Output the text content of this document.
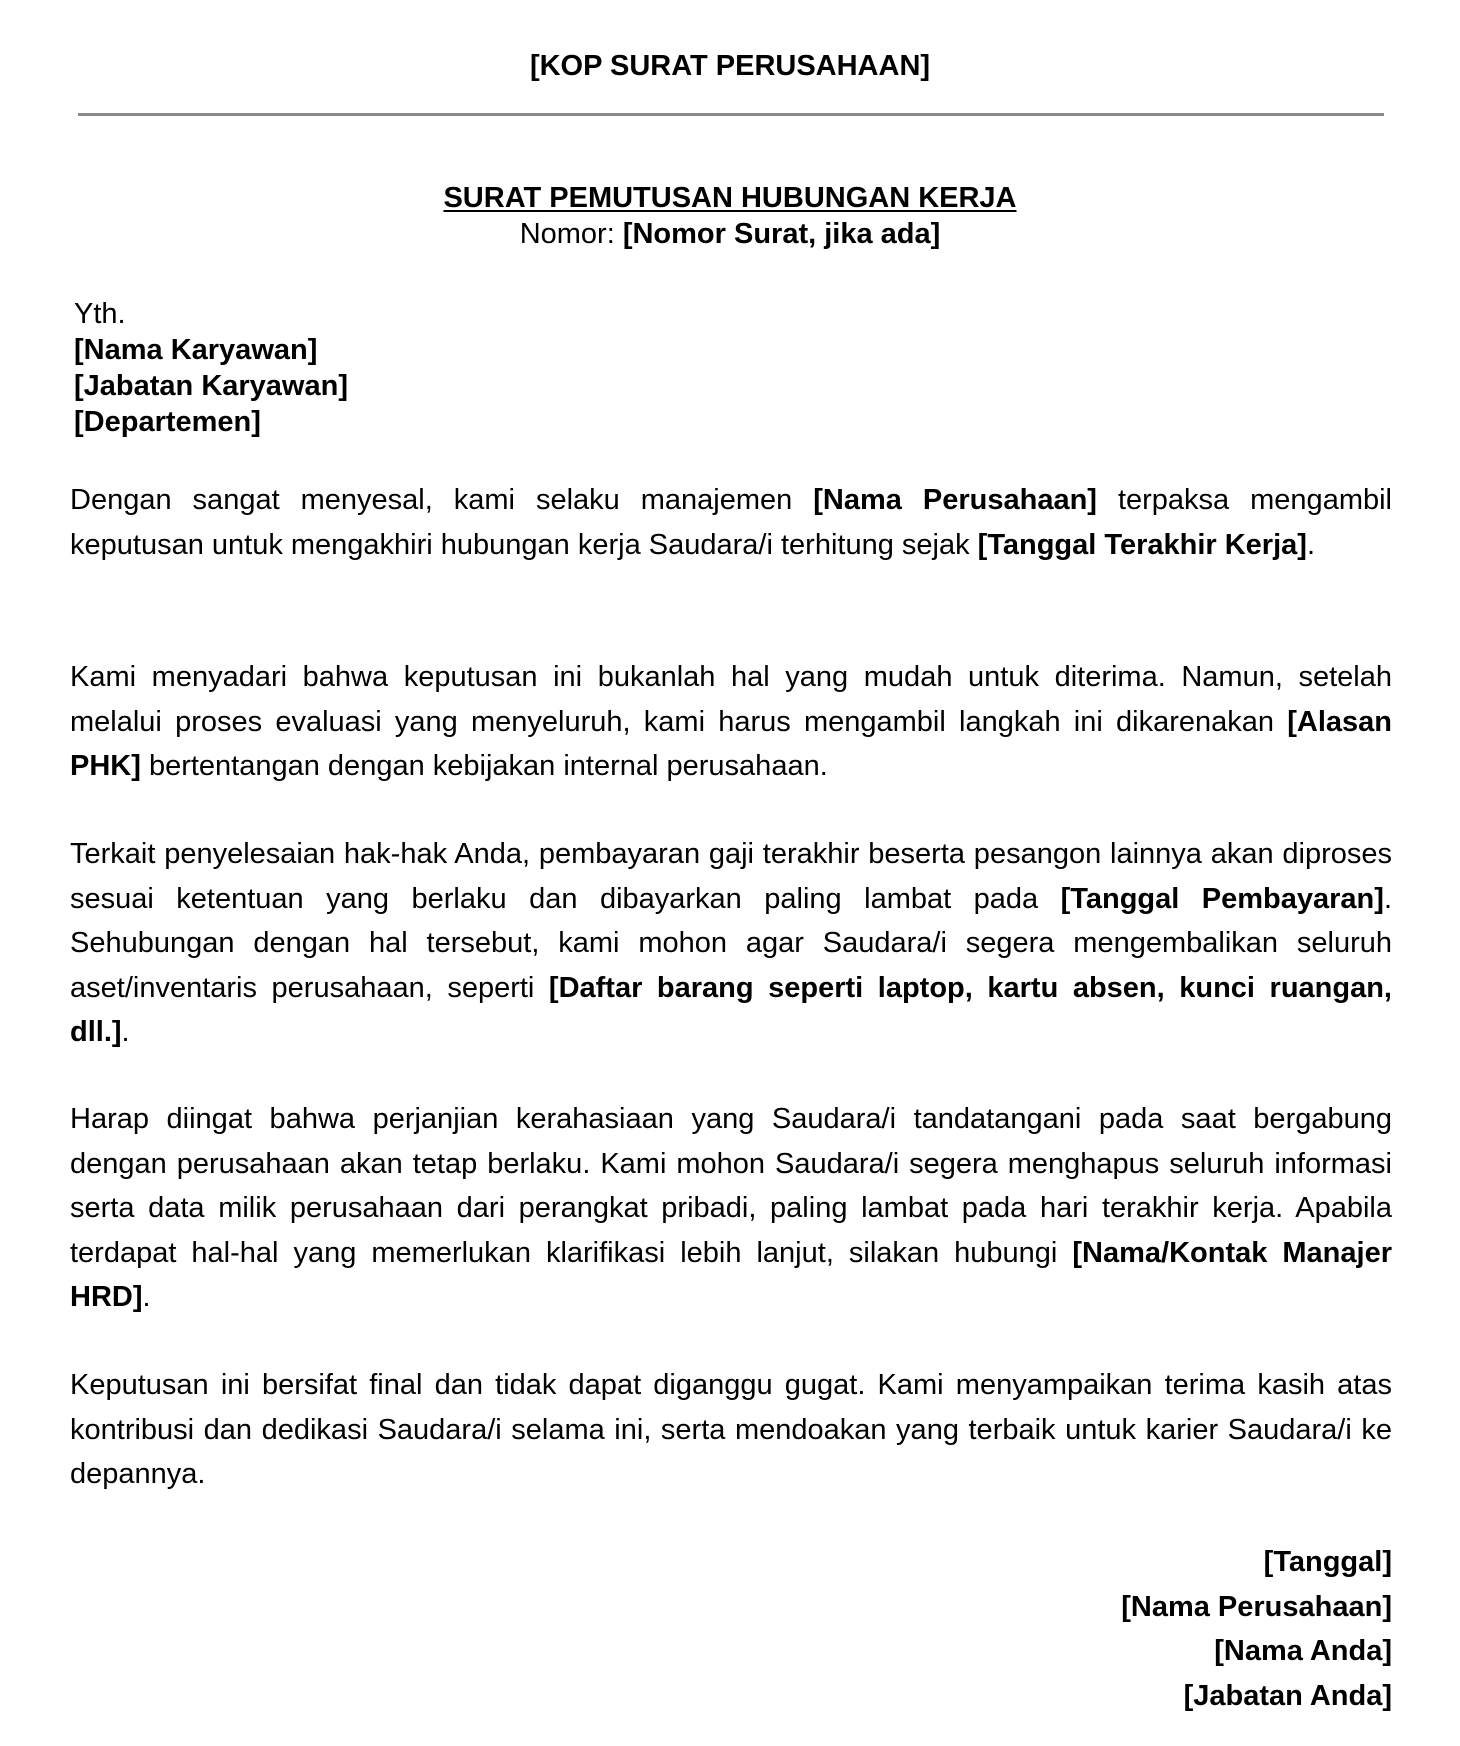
[KOP SURAT PERUSAHAAN]
SURAT PEMUTUSAN HUBUNGAN KERJA
Nomor: [Nomor Surat, jika ada]
Yth.
[Nama Karyawan]
[Jabatan Karyawan]
[Departemen]
Dengan sangat menyesal, kami selaku manajemen [Nama Perusahaan] terpaksa mengambil keputusan untuk mengakhiri hubungan kerja Saudara/i terhitung sejak [Tanggal Terakhir Kerja].
Kami menyadari bahwa keputusan ini bukanlah hal yang mudah untuk diterima. Namun, setelah melalui proses evaluasi yang menyeluruh, kami harus mengambil langkah ini dikarenakan [Alasan PHK] bertentangan dengan kebijakan internal perusahaan.
Terkait penyelesaian hak-hak Anda, pembayaran gaji terakhir beserta pesangon lainnya akan diproses sesuai ketentuan yang berlaku dan dibayarkan paling lambat pada [Tanggal Pembayaran]. Sehubungan dengan hal tersebut, kami mohon agar Saudara/i segera mengembalikan seluruh aset/inventaris perusahaan, seperti [Daftar barang seperti laptop, kartu absen, kunci ruangan, dll.].
Harap diingat bahwa perjanjian kerahasiaan yang Saudara/i tandatangani pada saat bergabung dengan perusahaan akan tetap berlaku. Kami mohon Saudara/i segera menghapus seluruh informasi serta data milik perusahaan dari perangkat pribadi, paling lambat pada hari terakhir kerja. Apabila terdapat hal-hal yang memerlukan klarifikasi lebih lanjut, silakan hubungi [Nama/Kontak Manajer HRD].
Keputusan ini bersifat final dan tidak dapat diganggu gugat. Kami menyampaikan terima kasih atas kontribusi dan dedikasi Saudara/i selama ini, serta mendoakan yang terbaik untuk karier Saudara/i ke depannya.
[Tanggal]
[Nama Perusahaan]
[Nama Anda]
[Jabatan Anda]
